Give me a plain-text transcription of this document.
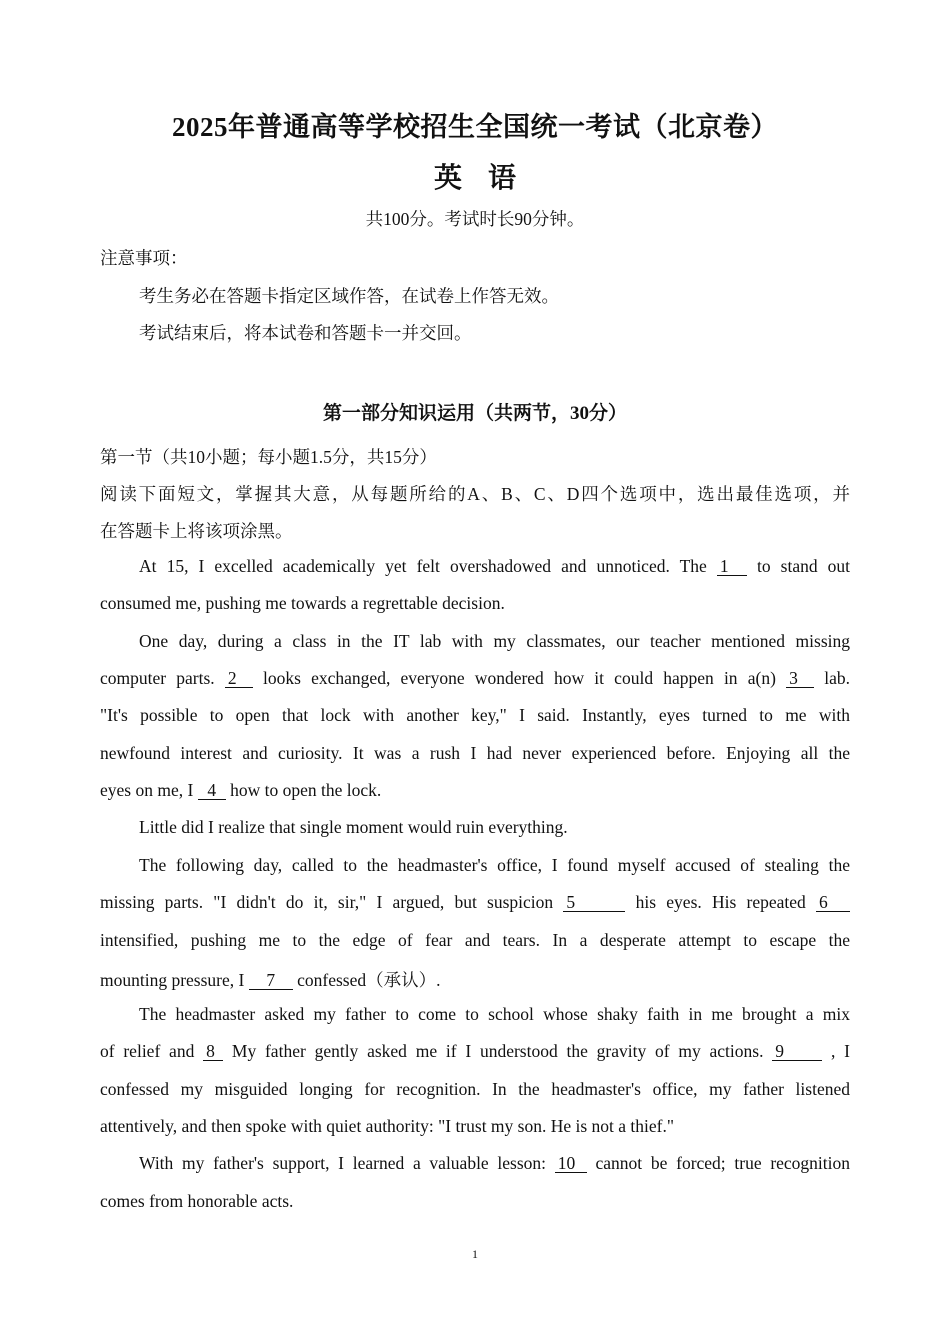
2025年普通高等学校招生全国统一考试（北京卷）
英语
共100分。考试时长90分钟。
注意事项：
考生务必在答题卡指定区域作答，在试卷上作答无效。
考试结束后，将本试卷和答题卡一并交回。
第一部分知识运用（共两节，30分）
第一节（共10小题；每小题1.5分，共15分）
阅读下面短文，掌握其大意，从每题所给的A、B、C、D四个选项中，选出最佳选项，并
在答题卡上将该项涂黑。
At 15, I excelled academically yet felt overshadowed and unnoticed. The 1 to stand out
consumed me, pushing me towards a regrettable decision.
One day, during a class in the IT lab with my classmates, our teacher mentioned missing
computer parts. 2 looks exchanged, everyone wondered how it could happen in a(n) 3 lab.
"It's possible to open that lock with another key," I said. Instantly, eyes turned to me with
newfound interest and curiosity. It was a rush I had never experienced before. Enjoying all the
eyes on me, I 4 how to open the lock.
Little did I realize that single moment would ruin everything.
The following day, called to the headmaster's office, I found myself accused of stealing the
missing parts. "I didn't do it, sir," I argued, but suspicion 5	his eyes. His repeated 6
intensified, pushing me to the edge of fear and tears. In a desperate attempt to escape the
mounting pressure, I 7 confessed（承认）.
The headmaster asked my father to come to school whose shaky faith in me brought a mix
of relief and 8 My father gently asked me if I understood the gravity of my actions. 9	, I
confessed my misguided longing for recognition. In the headmaster's office, my father listened
attentively, and then spoke with quiet authority: "I trust my son. He is not a thief."
With my father's support, I learned a valuable lesson: 10 cannot be forced; true recognition
comes from honorable acts.
1
